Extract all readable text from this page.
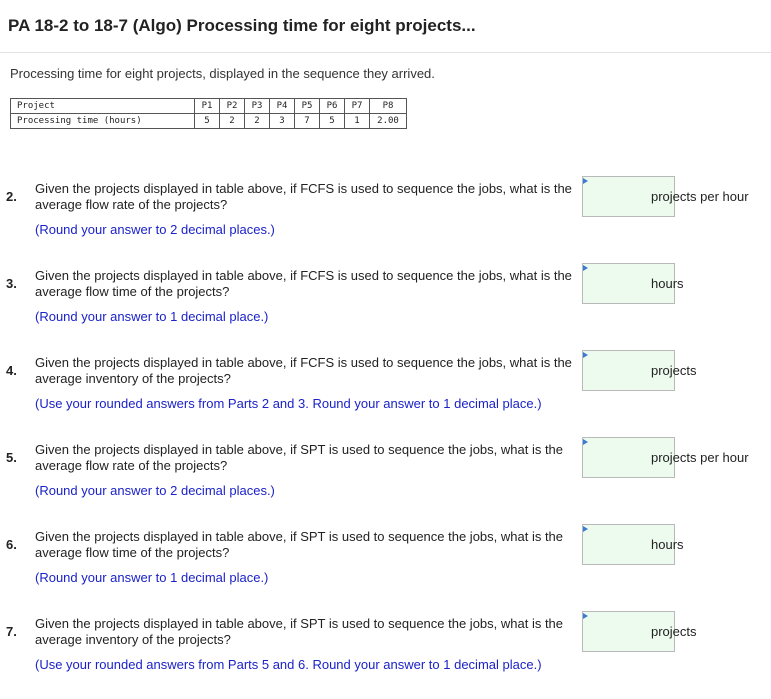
PA 18-2 to 18-7 (Algo) Processing time for eight projects...
Processing time for eight projects, displayed in the sequence they arrived.
Project	P1	P2	P3	P4	P5	P6	P7	P8
Processing time (hours)	5	2	2	3	7	5	1	2.00
2.
Given the projects displayed in table above, if FCFS is used to sequence the jobs, what is the average flow rate of the projects?
(Round your answer to 2 decimal places.)
projects per hour
3.
Given the projects displayed in table above, if FCFS is used to sequence the jobs, what is the average flow time of the projects?
(Round your answer to 1 decimal place.)
hours
4.
Given the projects displayed in table above, if FCFS is used to sequence the jobs, what is the average inventory of the projects?
(Use your rounded answers from Parts 2 and 3. Round your answer to 1 decimal place.)
projects
5.
Given the projects displayed in table above, if SPT is used to sequence the jobs, what is the average flow rate of the projects?
(Round your answer to 2 decimal places.)
projects per hour
6.
Given the projects displayed in table above, if SPT is used to sequence the jobs, what is the average flow time of the projects?
(Round your answer to 1 decimal place.)
hours
7.
Given the projects displayed in table above, if SPT is used to sequence the jobs, what is the average inventory of the projects?
(Use your rounded answers from Parts 5 and 6. Round your answer to 1 decimal place.)
projects
